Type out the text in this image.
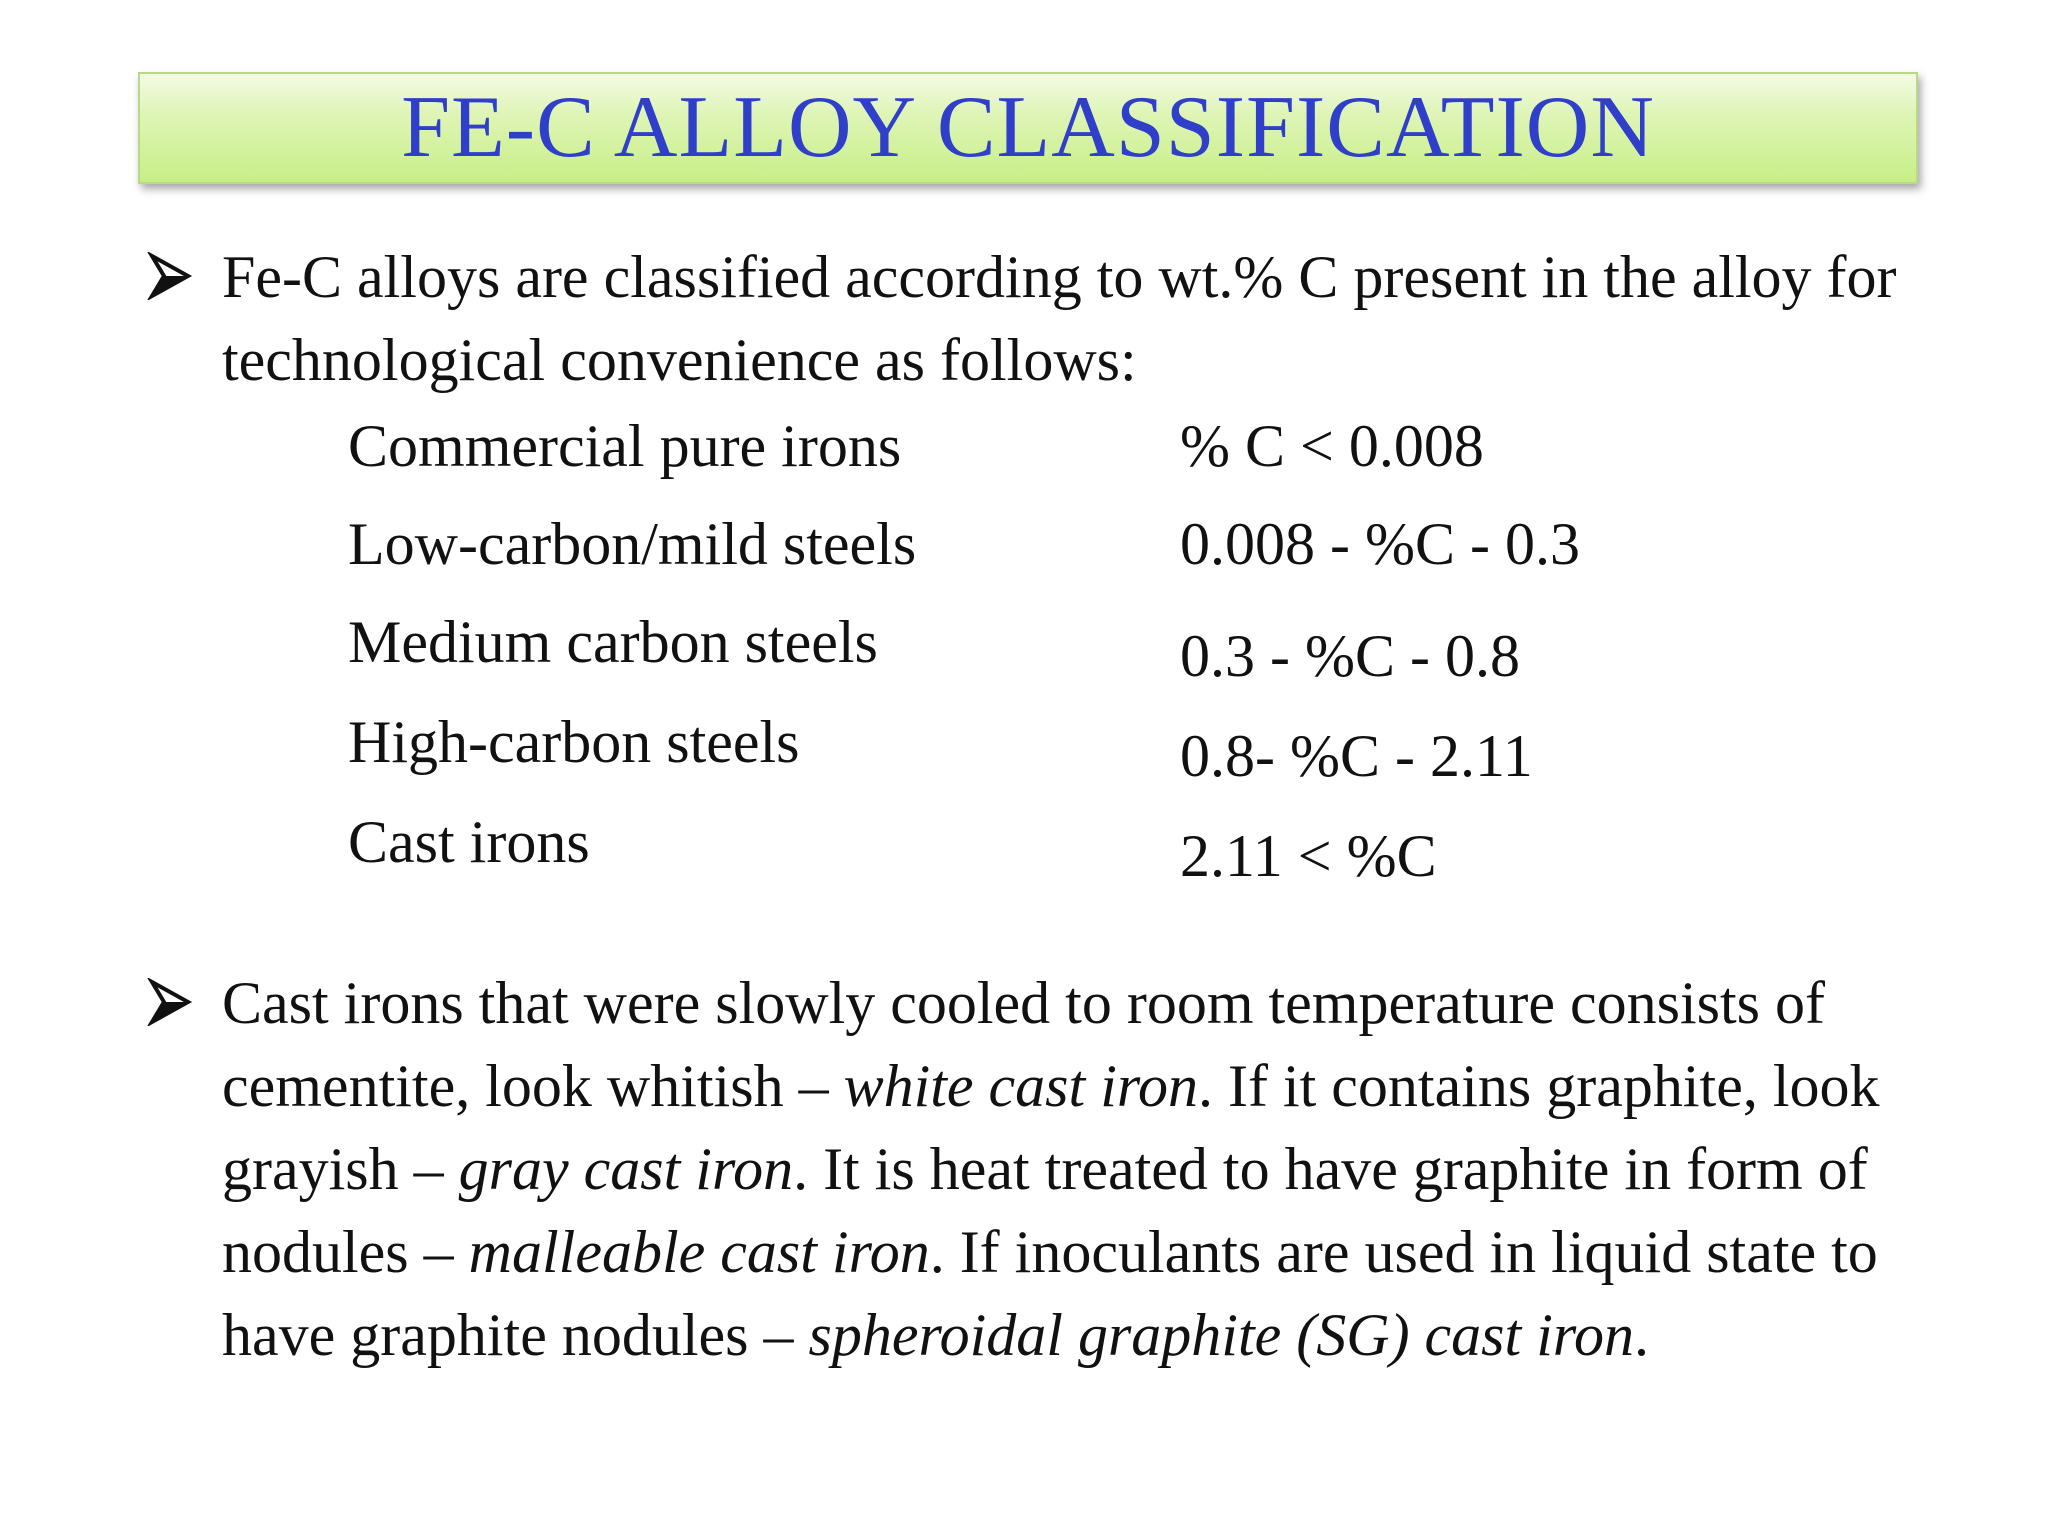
FE-C ALLOY CLASSIFICATION
Fe-C alloys are classified according to wt.% C present in the alloy for technological convenience as follows:
Commercial pure irons	% C < 0.008
Low-carbon/mild steels	0.008 - %C - 0.3
Medium carbon steels	0.3 - %C - 0.8
High-carbon steels	0.8- %C - 2.11
Cast irons	2.11 < %C
Cast irons that were slowly cooled to room temperature consists of cementite, look whitish – white cast iron. If it contains graphite, look grayish – gray cast iron. It is heat treated to have graphite in form of nodules – malleable cast iron. If inoculants are used in liquid state to have graphite nodules – spheroidal graphite (SG) cast iron.
